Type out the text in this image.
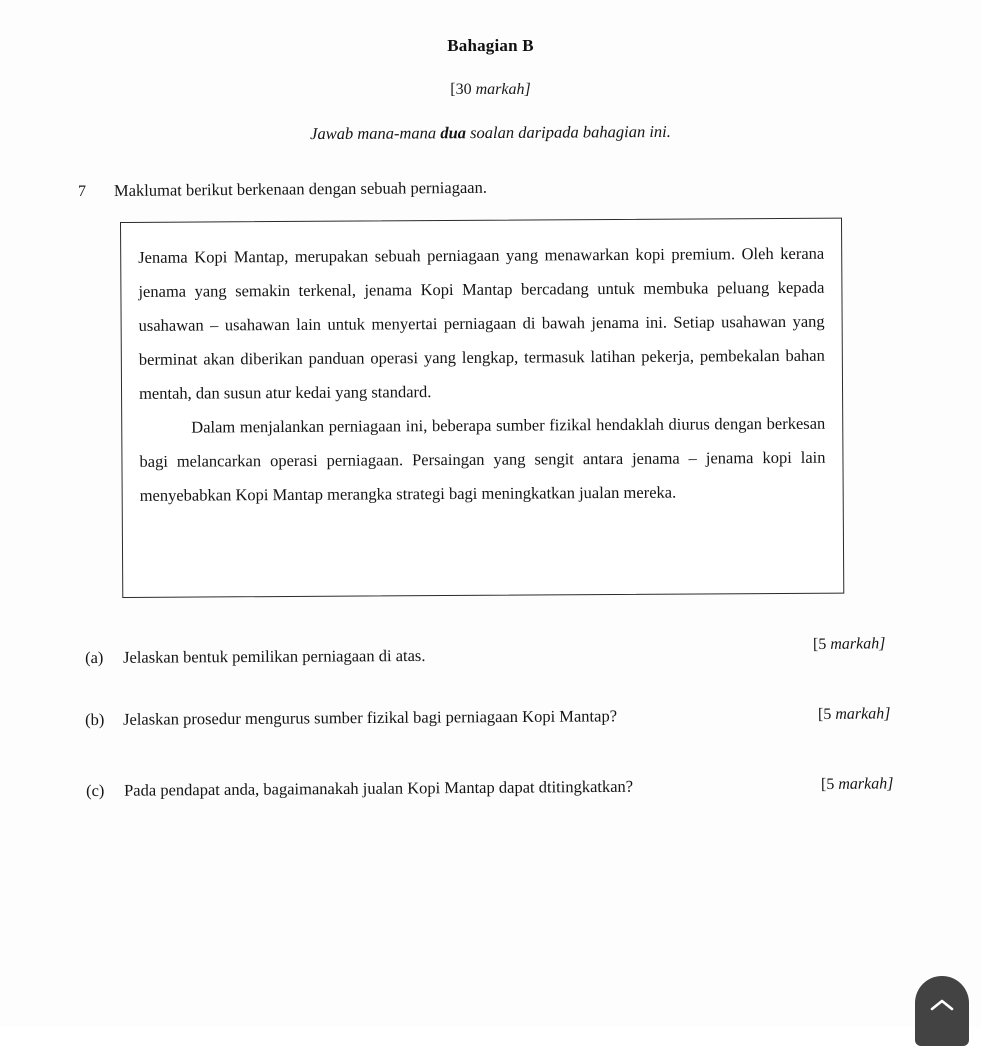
Bahagian B
[30 markah]
Jawab mana-mana dua soalan daripada bahagian ini.
7 Maklumat berikut berkenaan dengan sebuah perniagaan.

Jenama Kopi Mantap, merupakan sebuah perniagaan yang menawarkan kopi premium. Oleh kerana jenama yang semakin terkenal, jenama Kopi Mantap bercadang untuk membuka peluang kepada usahawan – usahawan lain untuk menyertai perniagaan di bawah jenama ini. Setiap usahawan yang berminat akan diberikan panduan operasi yang lengkap, termasuk latihan pekerja, pembekalan bahan mentah, dan susun atur kedai yang standard.

Dalam menjalankan perniagaan ini, beberapa sumber fizikal hendaklah diurus dengan berkesan bagi melancarkan operasi perniagaan. Persaingan yang sengit antara jenama – jenama kopi lain menyebabkan Kopi Mantap merangka strategi bagi meningkatkan jualan mereka.

(a)	Jelaskan bentuk pemilikan perniagaan di atas.
[5 markah]
(b)	Jelaskan prosedur mengurus sumber fizikal bagi perniagaan Kopi Mantap?	[5 markah]
(c)	Pada pendapat anda, bagaimanakah jualan Kopi Mantap dapat dtitingkatkan?	[5 markah]
